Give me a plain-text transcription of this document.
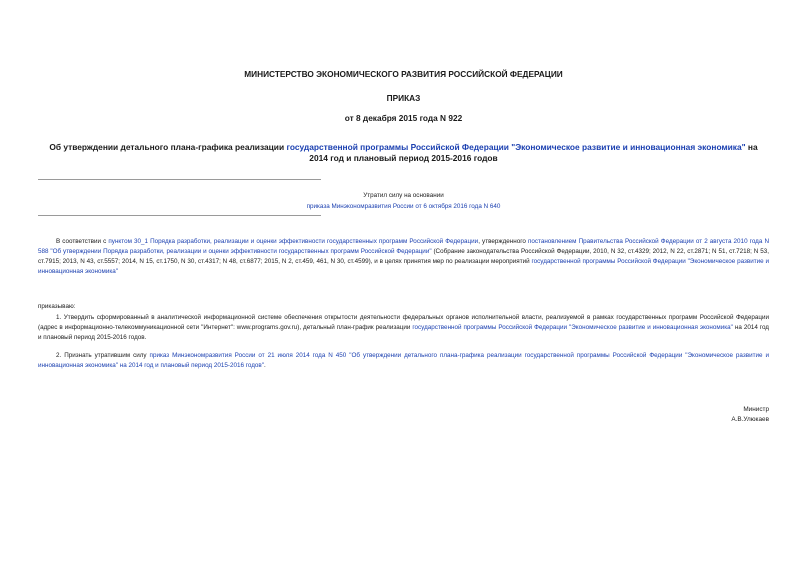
МИНИСТЕРСТВО ЭКОНОМИЧЕСКОГО РАЗВИТИЯ РОССИЙСКОЙ ФЕДЕРАЦИИ
ПРИКАЗ
от 8 декабря 2015 года N 922
Об утверждении детального плана-графика реализации государственной программы Российской Федерации "Экономическое развитие и инновационная экономика" на 2014 год и плановый период 2015-2016 годов
Утратил силу на основании
приказа Минэкономразвития России от 6 октября 2016 года N 640
В соответствии с пунктом 30_1 Порядка разработки, реализации и оценки эффективности государственных программ Российской Федерации, утвержденного постановлением Правительства Российской Федерации от 2 августа 2010 года N 588 "Об утверждении Порядка разработки, реализации и оценки эффективности государственных программ Российской Федерации" (Собрание законодательства Российской Федерации, 2010, N 32, ст.4329; 2012, N 22, ст.2871; N 51, ст.7218; N 53, ст.7915; 2013, N 43, ст.5557; 2014, N 15, ст.1750, N 30, ст.4317; N 48, ст.6877; 2015, N 2, ст.459, 461, N 30, ст.4599), и в целях принятия мер по реализации мероприятий государственной программы Российской Федерации "Экономическое развитие и инновационная экономика"
приказываю:
1. Утвердить сформированный в аналитической информационной системе обеспечения открытости деятельности федеральных органов исполнительной власти, реализуемой в рамках государственных программ Российской Федерации (адрес в информационно-телекоммуникационной сети "Интернет": www.programs.gov.ru), детальный план-график реализации государственной программы Российской Федерации "Экономическое развитие и инновационная экономика" на 2014 год и плановый период 2015-2016 годов.
2. Признать утратившим силу приказ Минэкономразвития России от 21 июля 2014 года N 450 "Об утверждении детального плана-графика реализации государственной программы Российской Федерации "Экономическое развитие и инновационная экономика" на 2014 год и плановый период 2015-2016 годов".
Министр
А.В.Улюкаев
